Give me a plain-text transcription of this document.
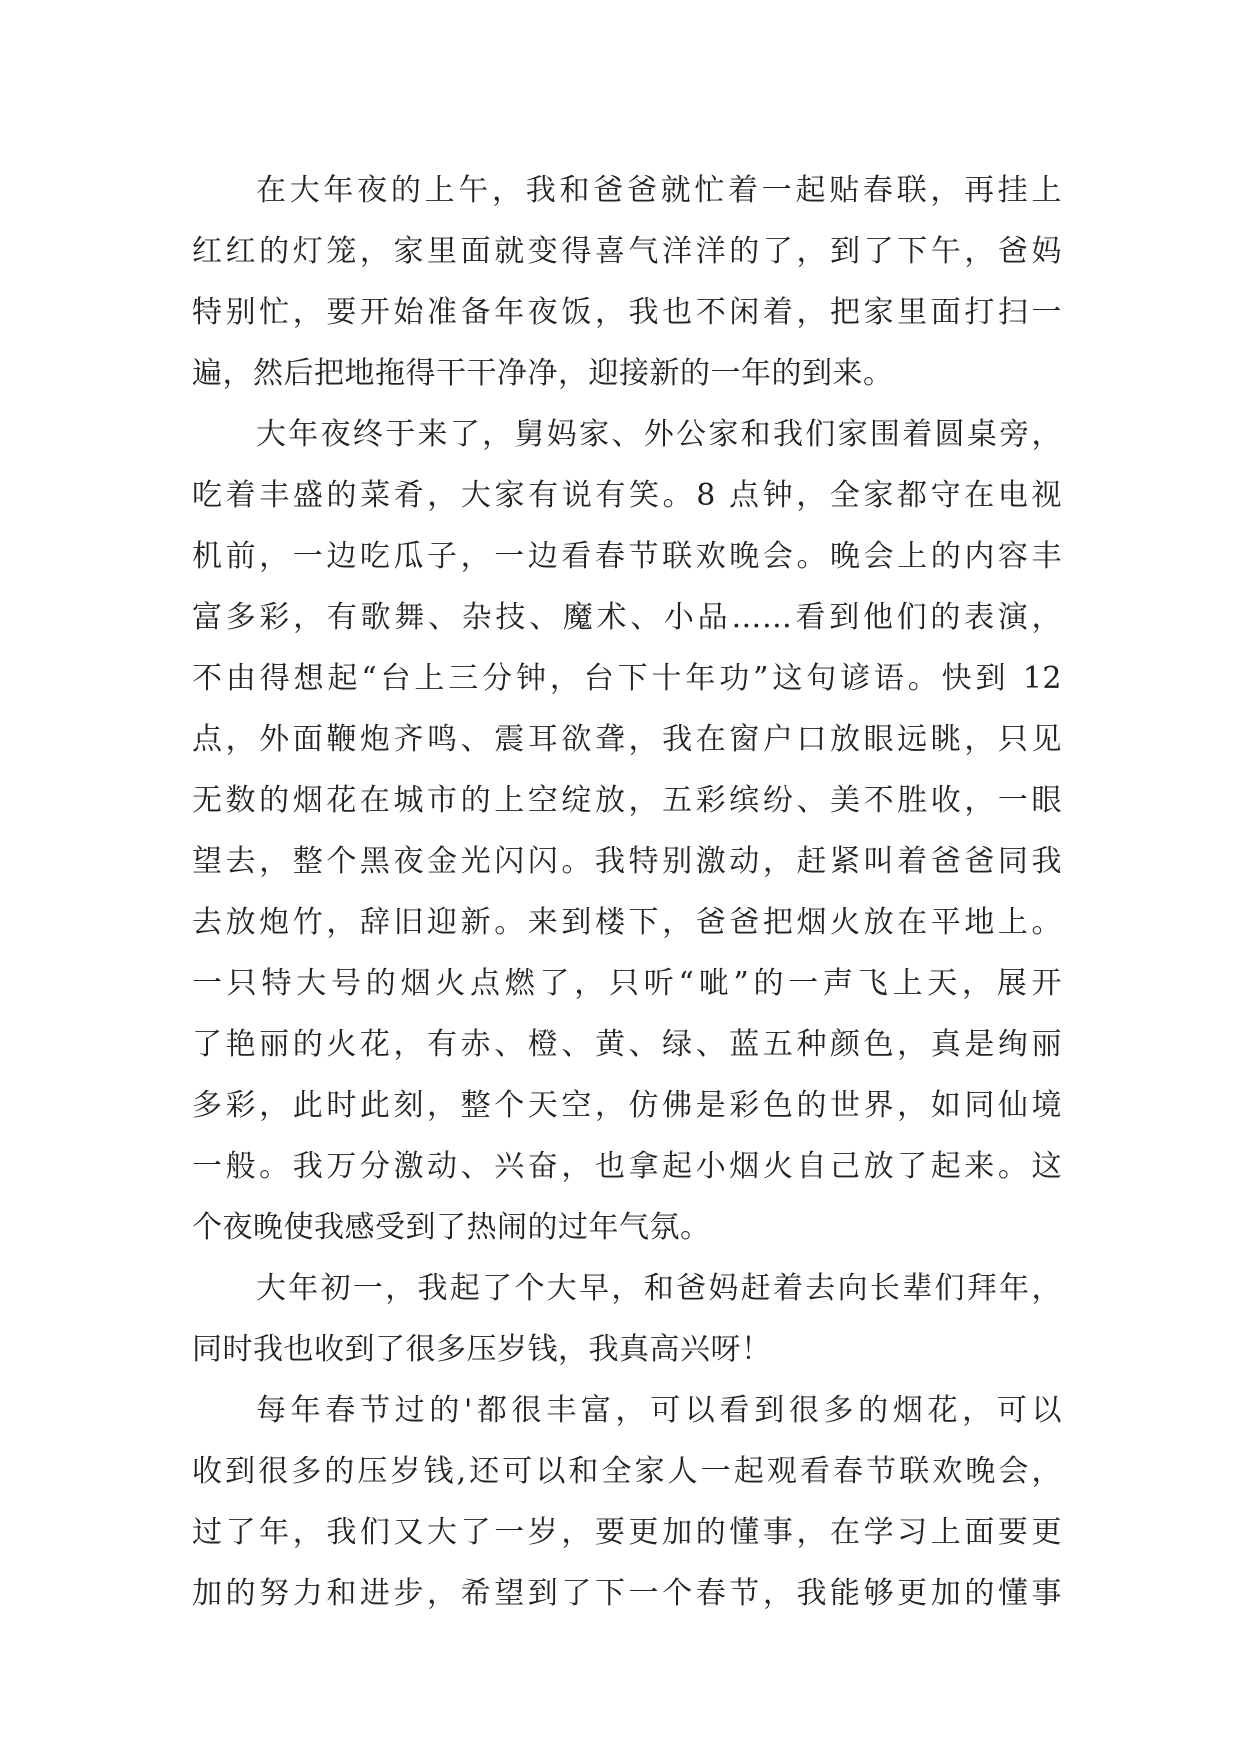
在大年夜的上午，我和爸爸就忙着一起贴春联，再挂上
红红的灯笼，家里面就变得喜气洋洋的了，到了下午，爸妈
特别忙，要开始准备年夜饭，我也不闲着，把家里面打扫一
遍，然后把地拖得干干净净，迎接新的一年的到来。
大年夜终于来了，舅妈家、外公家和我们家围着圆桌旁，
吃着丰盛的菜肴，大家有说有笑。8 点钟，全家都守在电视
机前，一边吃瓜子，一边看春节联欢晚会。晚会上的内容丰
富多彩，有歌舞、杂技、魔术、小品……看到他们的表演，
不由得想起“台上三分钟，台下十年功”这句谚语。快到 12
点，外面鞭炮齐鸣、震耳欲聋，我在窗户口放眼远眺，只见
无数的烟花在城市的上空绽放，五彩缤纷、美不胜收，一眼
望去，整个黑夜金光闪闪。我特别激动，赶紧叫着爸爸同我
去放炮竹，辞旧迎新。来到楼下，爸爸把烟火放在平地上。
一只特大号的烟火点燃了，只听“呲”的一声飞上天，展开
了艳丽的火花，有赤、橙、黄、绿、蓝五种颜色，真是绚丽
多彩，此时此刻，整个天空，仿佛是彩色的世界，如同仙境
一般。我万分激动、兴奋，也拿起小烟火自己放了起来。这
个夜晚使我感受到了热闹的过年气氛。
大年初一，我起了个大早，和爸妈赶着去向长辈们拜年，
同时我也收到了很多压岁钱，我真高兴呀！
每年春节过的'都很丰富，可以看到很多的烟花，可以
收到很多的压岁钱,还可以和全家人一起观看春节联欢晚会，
过了年，我们又大了一岁，要更加的懂事，在学习上面要更
加的努力和进步，希望到了下一个春节，我能够更加的懂事
